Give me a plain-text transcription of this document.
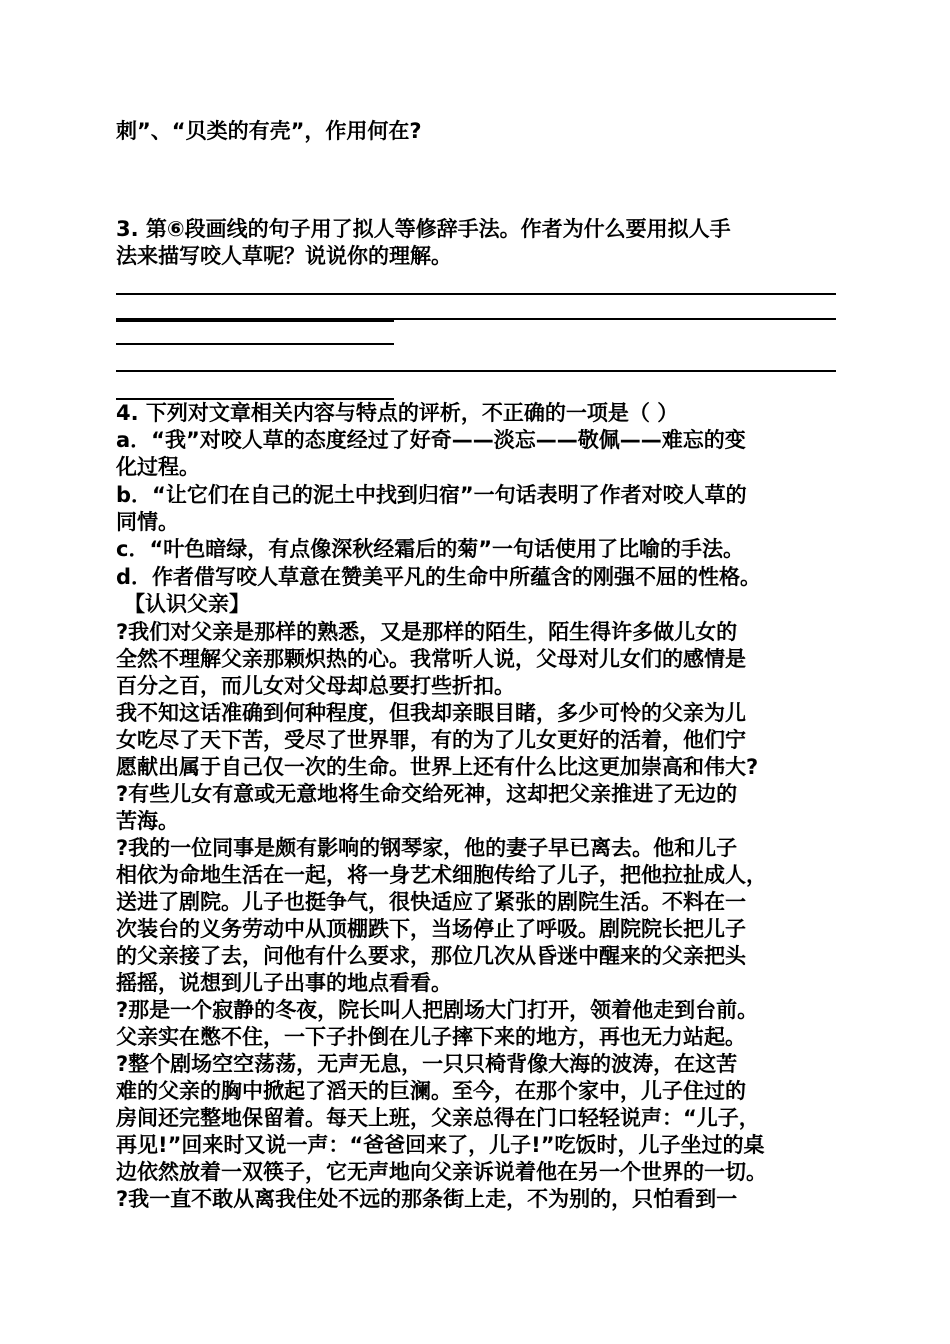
刺”、“贝类的有壳”，作用何在?
3. 第⑥段画线的句子用了拟人等修辞手法。作者为什么要用拟人手
法来描写咬人草呢？说说你的理解。
4. 下列对文章相关内容与特点的评析，不正确的一项是（ ）
a．“我”对咬人草的态度经过了好奇——淡忘——敬佩——难忘的变
化过程。
b．“让它们在自己的泥土中找到归宿”一句话表明了作者对咬人草的
同情。
c．“叶色暗绿，有点像深秋经霜后的菊”一句话使用了比喻的手法。
d．作者借写咬人草意在赞美平凡的生命中所蕴含的刚强不屈的性格。
【认识父亲】
?我们对父亲是那样的熟悉，又是那样的陌生，陌生得许多做儿女的
全然不理解父亲那颗炽热的心。我常听人说，父母对儿女们的感情是
百分之百，而儿女对父母却总要打些折扣。
我不知这话准确到何种程度，但我却亲眼目睹，多少可怜的父亲为儿
女吃尽了天下苦，受尽了世界罪，有的为了儿女更好的活着，他们宁
愿献出属于自己仅一次的生命。世界上还有什么比这更加崇高和伟大?
?有些儿女有意或无意地将生命交给死神，这却把父亲推进了无边的
苦海。
?我的一位同事是颇有影响的钢琴家，他的妻子早已离去。他和儿子
相依为命地生活在一起，将一身艺术细胞传给了儿子，把他拉扯成人，
送进了剧院。儿子也挺争气，很快适应了紧张的剧院生活。不料在一
次装台的义务劳动中从顶棚跌下，当场停止了呼吸。剧院院长把儿子
的父亲接了去，问他有什么要求，那位几次从昏迷中醒来的父亲把头
摇摇，说想到儿子出事的地点看看。
?那是一个寂静的冬夜，院长叫人把剧场大门打开，领着他走到台前。
父亲实在憋不住，一下子扑倒在儿子摔下来的地方，再也无力站起。
?整个剧场空空荡荡，无声无息，一只只椅背像大海的波涛，在这苦
难的父亲的胸中掀起了滔天的巨澜。至今，在那个家中，儿子住过的
房间还完整地保留着。每天上班，父亲总得在门口轻轻说声：“儿子，
再见!”回来时又说一声：“爸爸回来了，儿子!”吃饭时，儿子坐过的桌
边依然放着一双筷子，它无声地向父亲诉说着他在另一个世界的一切。
?我一直不敢从离我住处不远的那条街上走，不为别的，只怕看到一
